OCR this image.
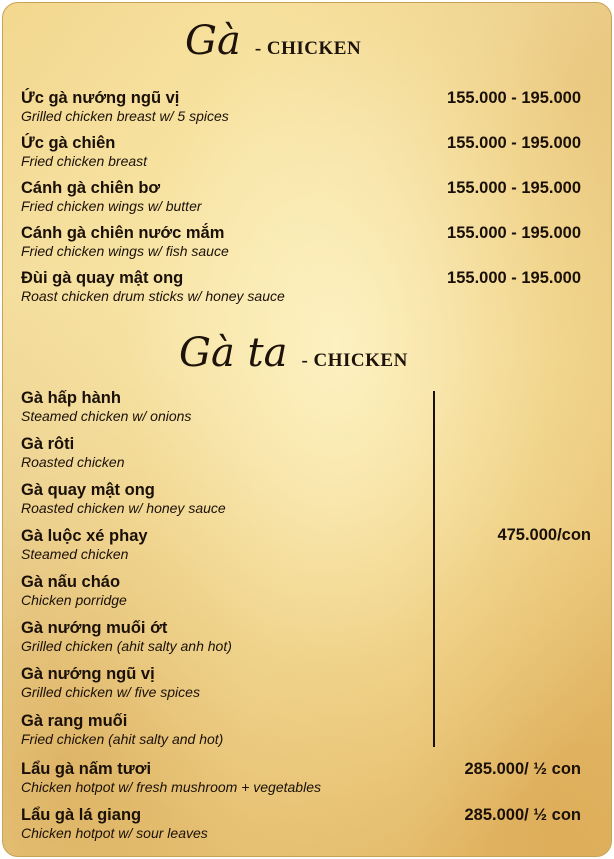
Gà - CHICKEN
Ức gà nướng ngũ vị
Grilled chicken breast w/ 5 spices
155.000 - 195.000
Ức gà chiên
Fried chicken breast
155.000 - 195.000
Cánh gà chiên bơ
Fried chicken wings w/ butter
155.000 - 195.000
Cánh gà chiên nước mắm
Fried chicken wings w/ fish sauce
155.000 - 195.000
Đùi gà quay mật ong
Roast chicken drum sticks w/ honey sauce
155.000 - 195.000
Gà ta - CHICKEN
475.000/con
Gà hấp hành
Steamed chicken w/ onions
Gà rôti
Roasted chicken
Gà quay mật ong
Roasted chicken w/ honey sauce
Gà luộc xé phay
Steamed chicken
Gà nấu cháo
Chicken porridge
Gà nướng muối ớt
Grilled chicken (ahit salty anh hot)
Gà nướng ngũ vị
Grilled chicken w/ five spices
Gà rang muối
Fried chicken (ahit salty and hot)
Lẩu gà nấm tươi
Chicken hotpot w/ fresh mushroom + vegetables
285.000/ ½ con
Lẩu gà lá giang
Chicken hotpot w/ sour leaves
285.000/ ½ con
